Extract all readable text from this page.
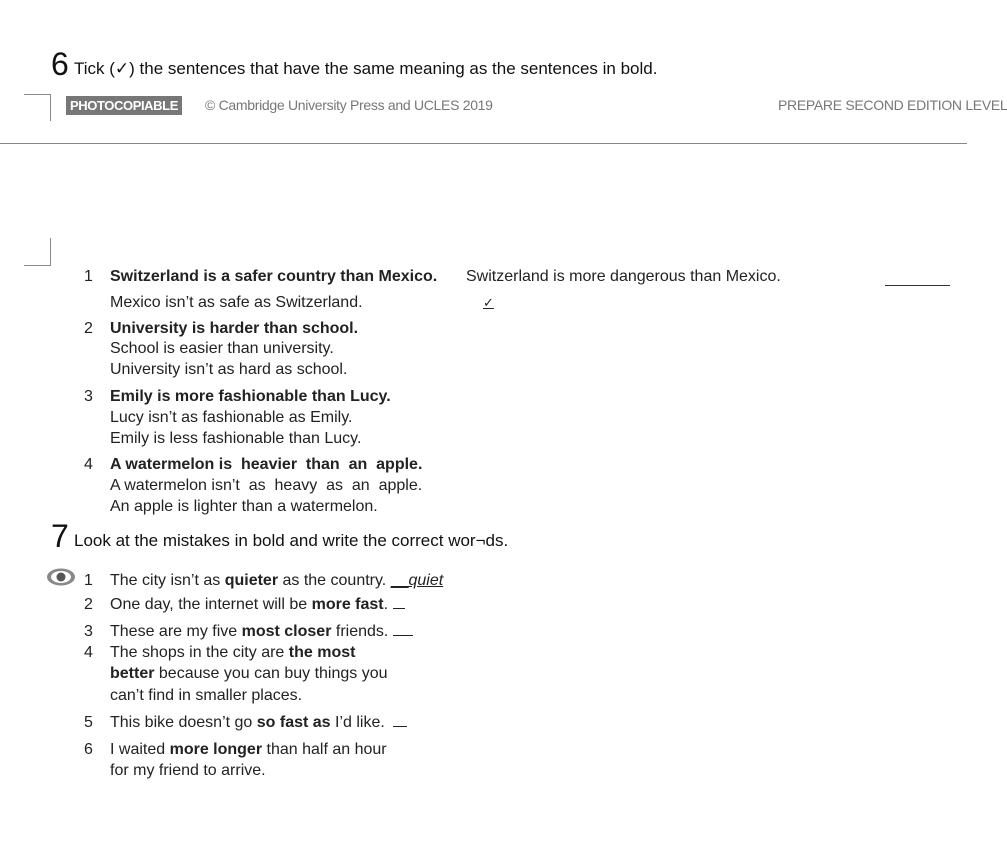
6 Tick (✓) the sentences that have the same meaning as the sentences in bold.
PHOTOCOPIABLE © Cambridge University Press and UCLES 2019	PREPARE SECOND EDITION LEVEL
1 Switzerland is a safer country than Mexico. Switzerland is more dangerous than Mexico.
Mexico isn’t as safe as Switzerland.	✓
2 University is harder than school.
School is easier than university.
University isn’t as hard as school.
3 Emily is more fashionable than Lucy.
Lucy isn’t as fashionable as Emily.
Emily is less fashionable than Lucy.
4 A watermelon is  heavier  than  an  apple.
A watermelon isn’t  as  heavy  as  an  apple.
An apple is lighter than a watermelon.
7 Look at the mistakes in bold and write the correct wor¬ds.
1 The city isn’t as quieter as the country. __quiet
2 One day, the internet will be more fast.
3 These are my five most closer friends.
4 The shops in the city are the most
better because you can buy things you
can’t find in smaller places.
5 This bike doesn’t go so fast as I’d like.
6 I waited more longer than half an hour
for my friend to arrive.
